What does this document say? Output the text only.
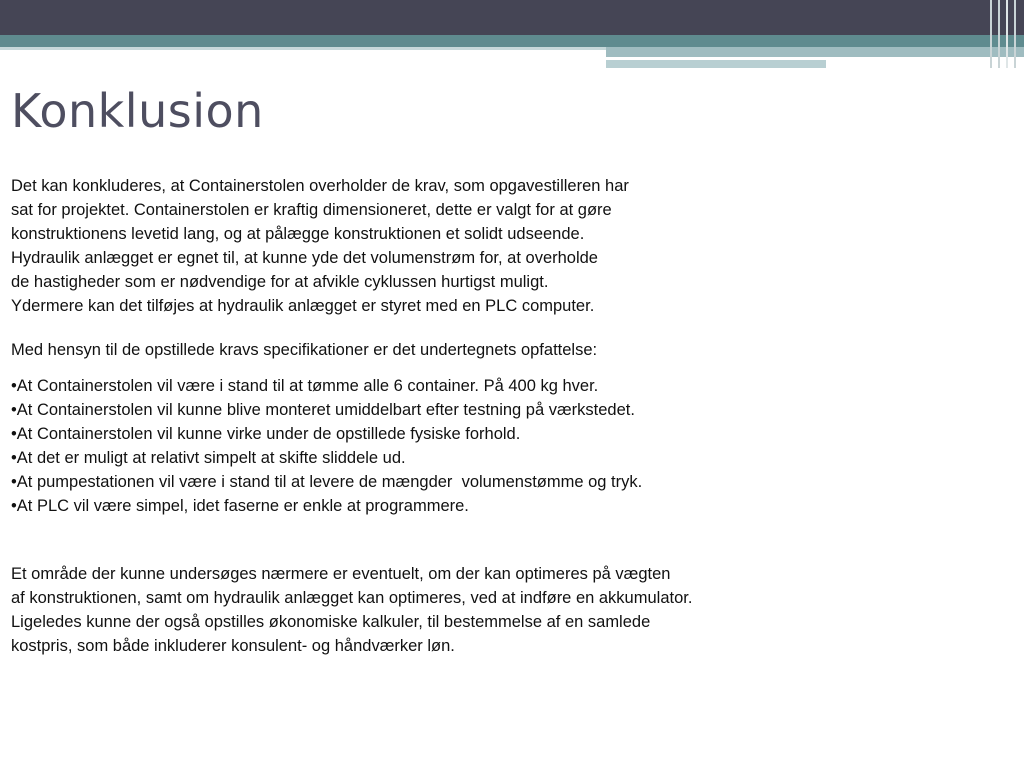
Konklusion
Det kan konkluderes, at Containerstolen overholder de krav, som opgavestilleren har
sat for projektet. Containerstolen er kraftig dimensioneret, dette er valgt for at gøre
konstruktionens levetid lang, og at pålægge konstruktionen et solidt udseende.
Hydraulik anlægget er egnet til, at kunne yde det volumenstrøm for, at overholde
de hastigheder som er nødvendige for at afvikle cyklussen hurtigst muligt.
Ydermere kan det tilføjes at hydraulik anlægget er styret med en PLC computer.
Med hensyn til de opstillede kravs specifikationer er det undertegnets opfattelse:
•At Containerstolen vil være i stand til at tømme alle 6 container. På 400 kg hver.
•At Containerstolen vil kunne blive monteret umiddelbart efter testning på værkstedet.
•At Containerstolen vil kunne virke under de opstillede fysiske forhold.
•At det er muligt at relativt simpelt at skifte sliddele ud.
•At pumpestationen vil være i stand til at levere de mængder  volumenstømme og tryk.
•At PLC vil være simpel, idet faserne er enkle at programmere.
Et område der kunne undersøges nærmere er eventuelt, om der kan optimeres på vægten
af konstruktionen, samt om hydraulik anlægget kan optimeres, ved at indføre en akkumulator.
Ligeledes kunne der også opstilles økonomiske kalkuler, til bestemmelse af en samlede
kostpris, som både inkluderer konsulent- og håndværker løn.
